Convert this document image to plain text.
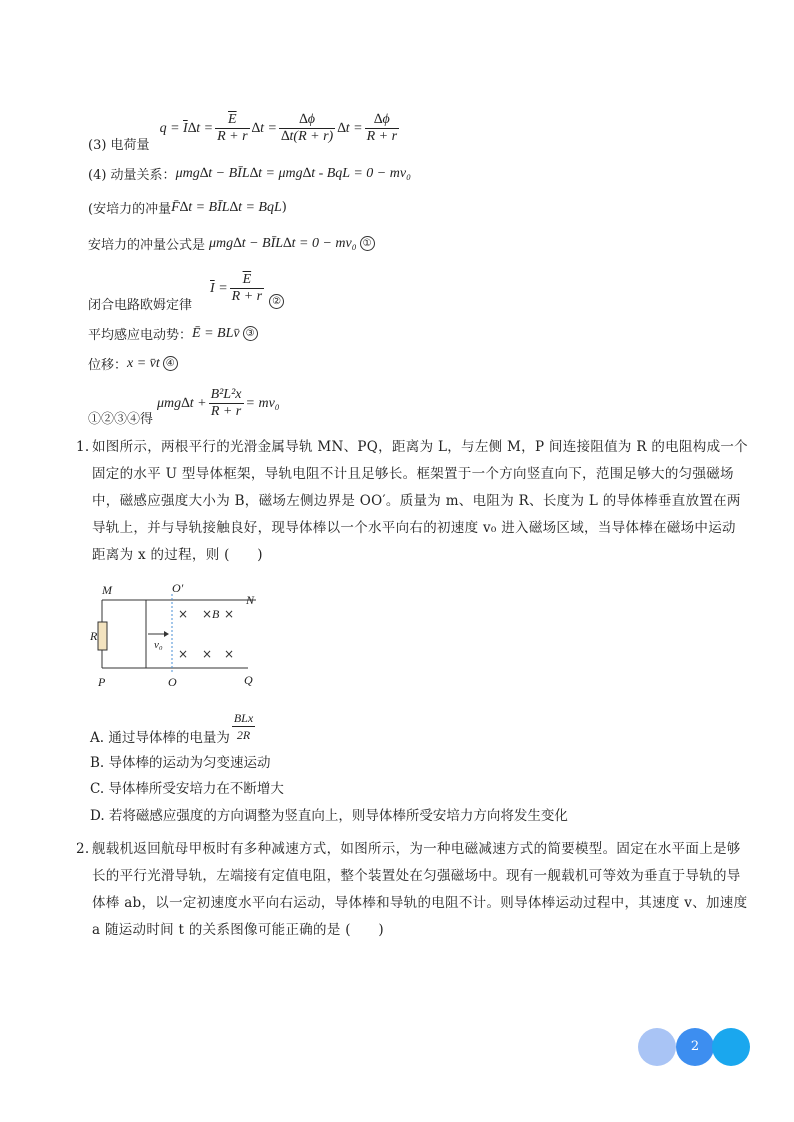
(3) 电荷量
$q = \overline{I}\Delta t = \frac{\overline{E}}{R + r} \Delta t = \frac{\Delta\phi}{\Delta t(R + r)} \Delta t = \frac{\Delta\phi}{R + r}$
(4) 动量关系： μmg∆t − BĪL∆t = μmg∆t - BqL = 0 − mv₀
(安培力的冲量 F̄∆t = BĪL∆t = BqL )
安培力的冲量公式是 μmg∆t − BĪL∆t = 0 − mv₀ ①
闭合电路欧姆定律
$\overline{I} = \frac{\overline{E}}{R + r}$ ②
平均感应电动势： Ē = BLv̄ ③
位移： x = v̄t ④
①②③④得
$\mu mg\Delta t + \frac{\text{B²L²x}}{R + r} = mv_0$
1. 如图所示，两根平行的光滑金属导轨 MN、PQ，距离为 L，与左侧 M，P 间连接阻值为 R 的电阻构成一个固定的水平 U 型导体框架，导轨电阻不计且足够长。框架置于一个方向竖直向下，范围足够大的匀强磁场中，磁感应强度大小为 B，磁场左侧边界是 OO′。质量为 m、电阻为 R、长度为 L 的导体棒垂直放置在两导轨上，并与导轨接触良好，现导体棒以一个水平向右的初速度 v₀ 进入磁场区域，当导体棒在磁场中运动距离为 x 的过程，则 (　　)
M
N
P	Q
O
O′
R
v₀
B
× × ×
× × ×
A. 通过导体棒的电量为 $\frac{\text{BLx}}{2R}$
B. 导体棒的运动为匀变速运动
C. 导体棒所受安培力在不断增大
D. 若将磁感应强度的方向调整为竖直向上，则导体棒所受安培力方向将发生变化
2. 舰载机返回航母甲板时有多种减速方式，如图所示，为一种电磁减速方式的简要模型。固定在水平面上是够长的平行光滑导轨，左端接有定值电阻，整个装置处在匀强磁场中。现有一舰载机可等效为垂直于导轨的导体棒 ab，以一定初速度水平向右运动，导体棒和导轨的电阻不计。则导体棒运动过程中，其速度 v、加速度 a 随运动时间 t 的关系图像可能正确的是 (　　)
2
